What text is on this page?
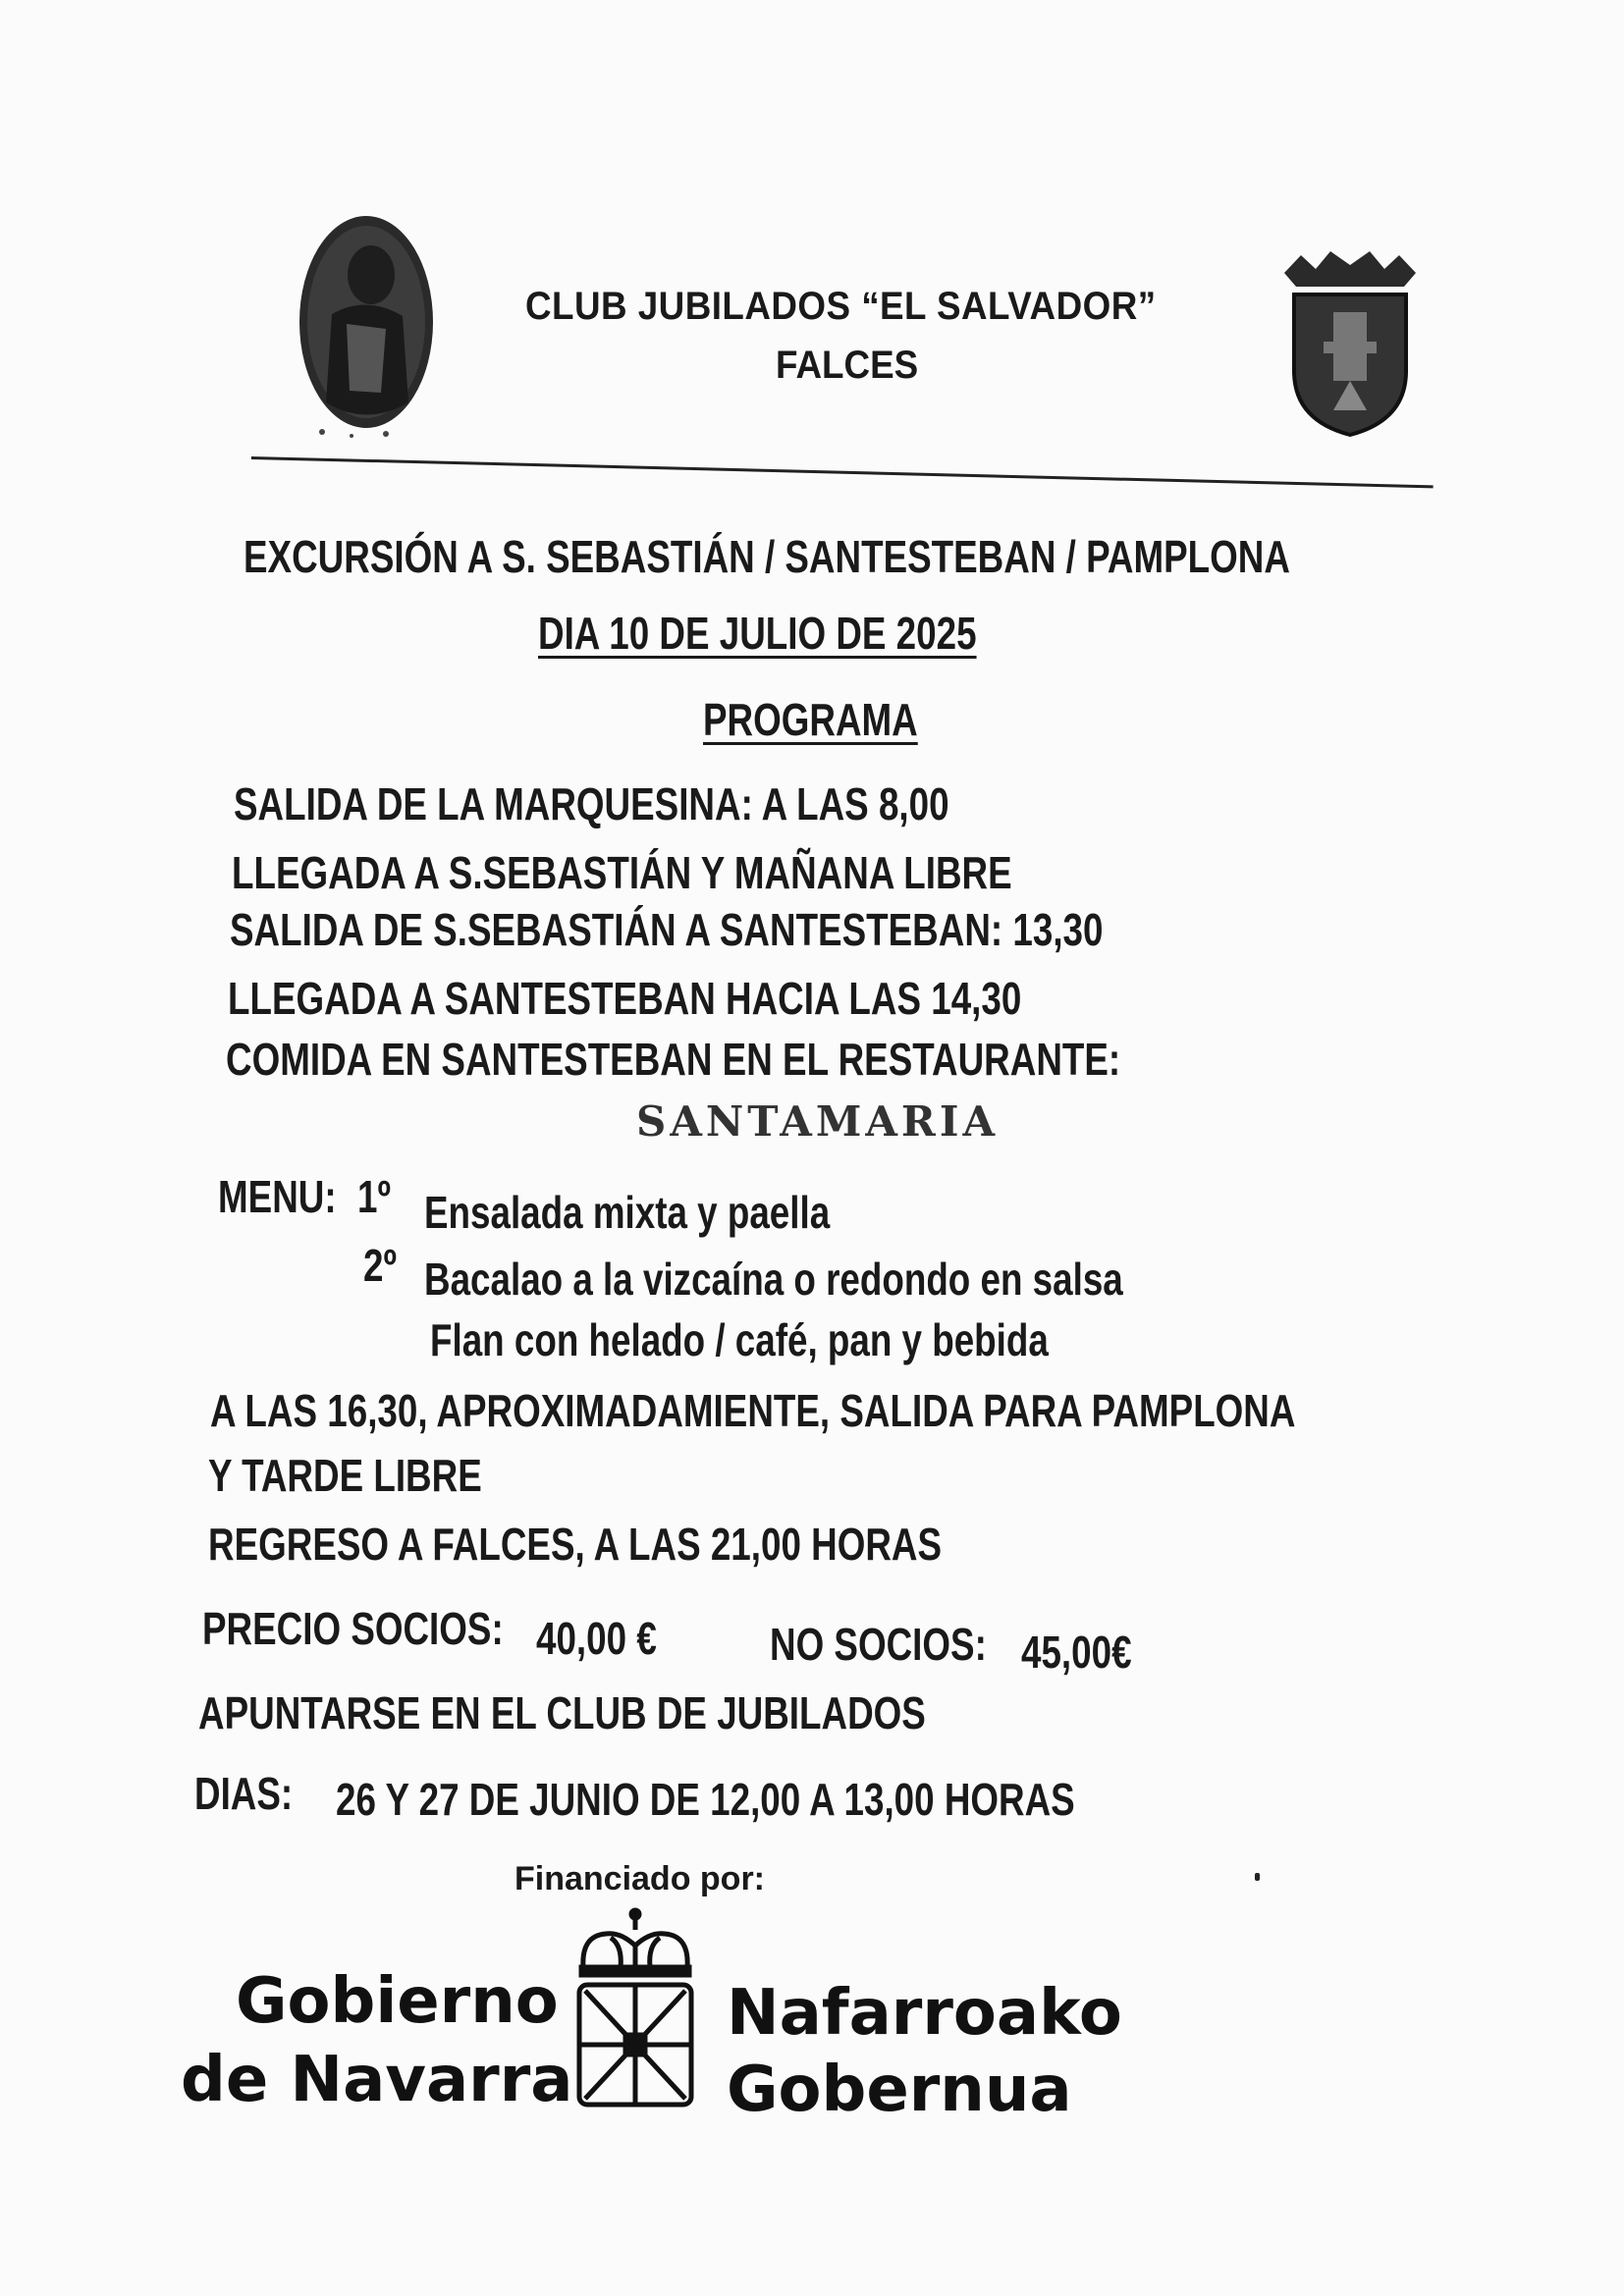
CLUB JUBILADOS “EL SALVADOR”
FALCES
EXCURSIÓN A S. SEBASTIÁN / SANTESTEBAN / PAMPLONA
DIA 10 DE JULIO DE 2025
PROGRAMA
SALIDA DE LA MARQUESINA: A LAS 8,00
LLEGADA A S.SEBASTIÁN Y MAÑANA LIBRE
SALIDA DE S.SEBASTIÁN A SANTESTEBAN: 13,30
LLEGADA A SANTESTEBAN HACIA LAS 14,30
COMIDA EN SANTESTEBAN EN EL RESTAURANTE:
SANTAMARIA
MENU: 1º Ensalada mixta y paella
2º Bacalao a la vizcaína o redondo en salsa
Flan con helado / café, pan y bebida
A LAS 16,30, APROXIMADAMIENTE, SALIDA PARA PAMPLONA
Y TARDE LIBRE
REGRESO A FALCES, A LAS 21,00 HORAS
PRECIO SOCIOS: 40,00 €	NO SOCIOS: 45,00€
APUNTARSE EN EL CLUB DE JUBILADOS
DIAS: 26 Y 27 DE JUNIO DE 12,00 A 13,00 HORAS
Financiado por:
Gobierno
de Navarra
Nafarroako
Gobernua
